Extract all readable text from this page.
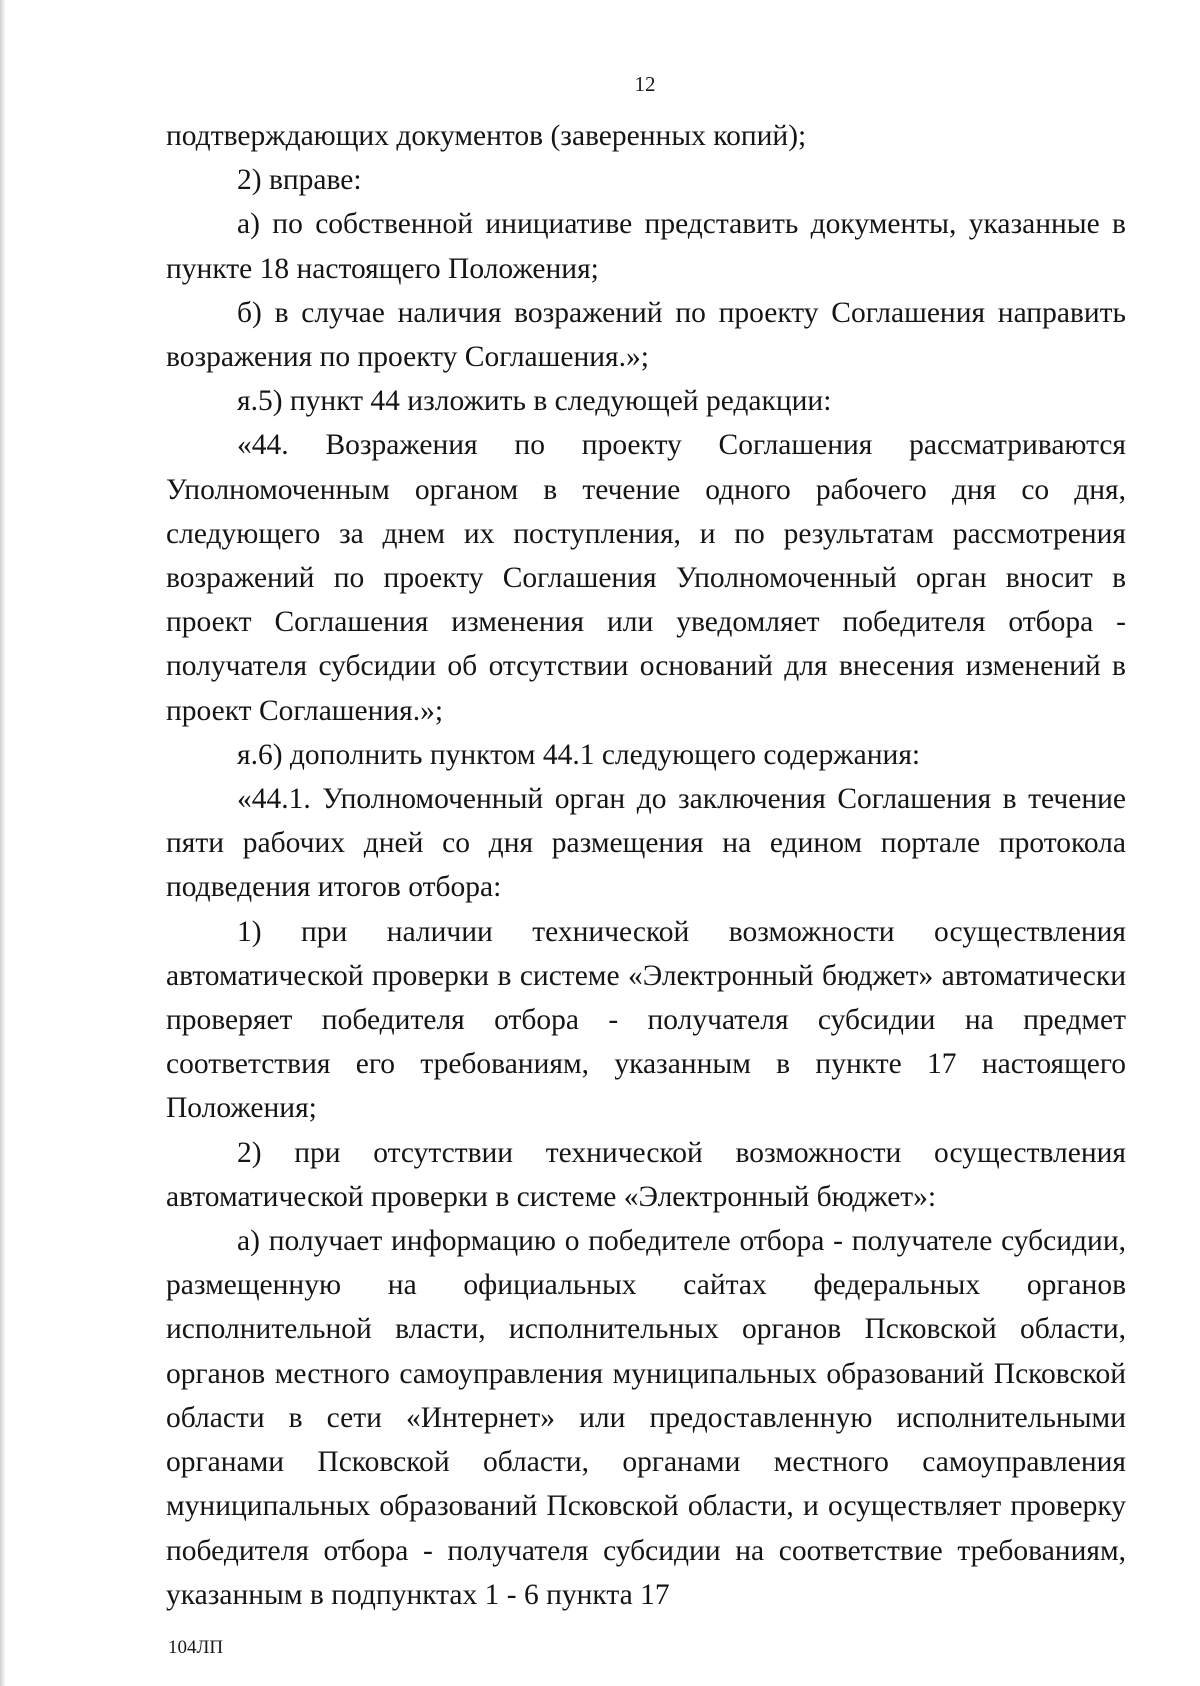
12

подтверждающих документов (заверенных копий);

2) вправе:

а) по собственной инициативе представить документы, указанные в пункте 18 настоящего Положения;

б) в случае наличия возражений по проекту Соглашения направить возражения по проекту Соглашения.»;

я.5) пункт 44 изложить в следующей редакции:

«44. Возражения по проекту Соглашения рассматриваются Уполномоченным органом в течение одного рабочего дня со дня, следующего за днем их поступления, и по результатам рассмотрения возражений по проекту Соглашения Уполномоченный орган вносит в проект Соглашения изменения или уведомляет победителя отбора - получателя субсидии об отсутствии оснований для внесения изменений в проект Соглашения.»;

я.6) дополнить пунктом 44.1 следующего содержания:

«44.1. Уполномоченный орган до заключения Соглашения в течение пяти рабочих дней со дня размещения на едином портале протокола подведения итогов отбора:

1) при наличии технической возможности осуществления автоматической проверки в системе «Электронный бюджет» автоматически проверяет победителя отбора - получателя субсидии на предмет соответствия его требованиям, указанным в пункте 17 настоящего Положения;

2) при отсутствии технической возможности осуществления автоматической проверки в системе «Электронный бюджет»:

а) получает информацию о победителе отбора - получателе субсидии, размещенную на официальных сайтах федеральных органов исполнительной власти, исполнительных органов Псковской области, органов местного самоуправления муниципальных образований Псковской области в сети «Интернет» или предоставленную исполнительными органами Псковской области, органами местного самоуправления муниципальных образований Псковской области, и осуществляет проверку победителя отбора - получателя субсидии на соответствие требованиям, указанным в подпунктах 1 - 6 пункта 17

104ЛП
